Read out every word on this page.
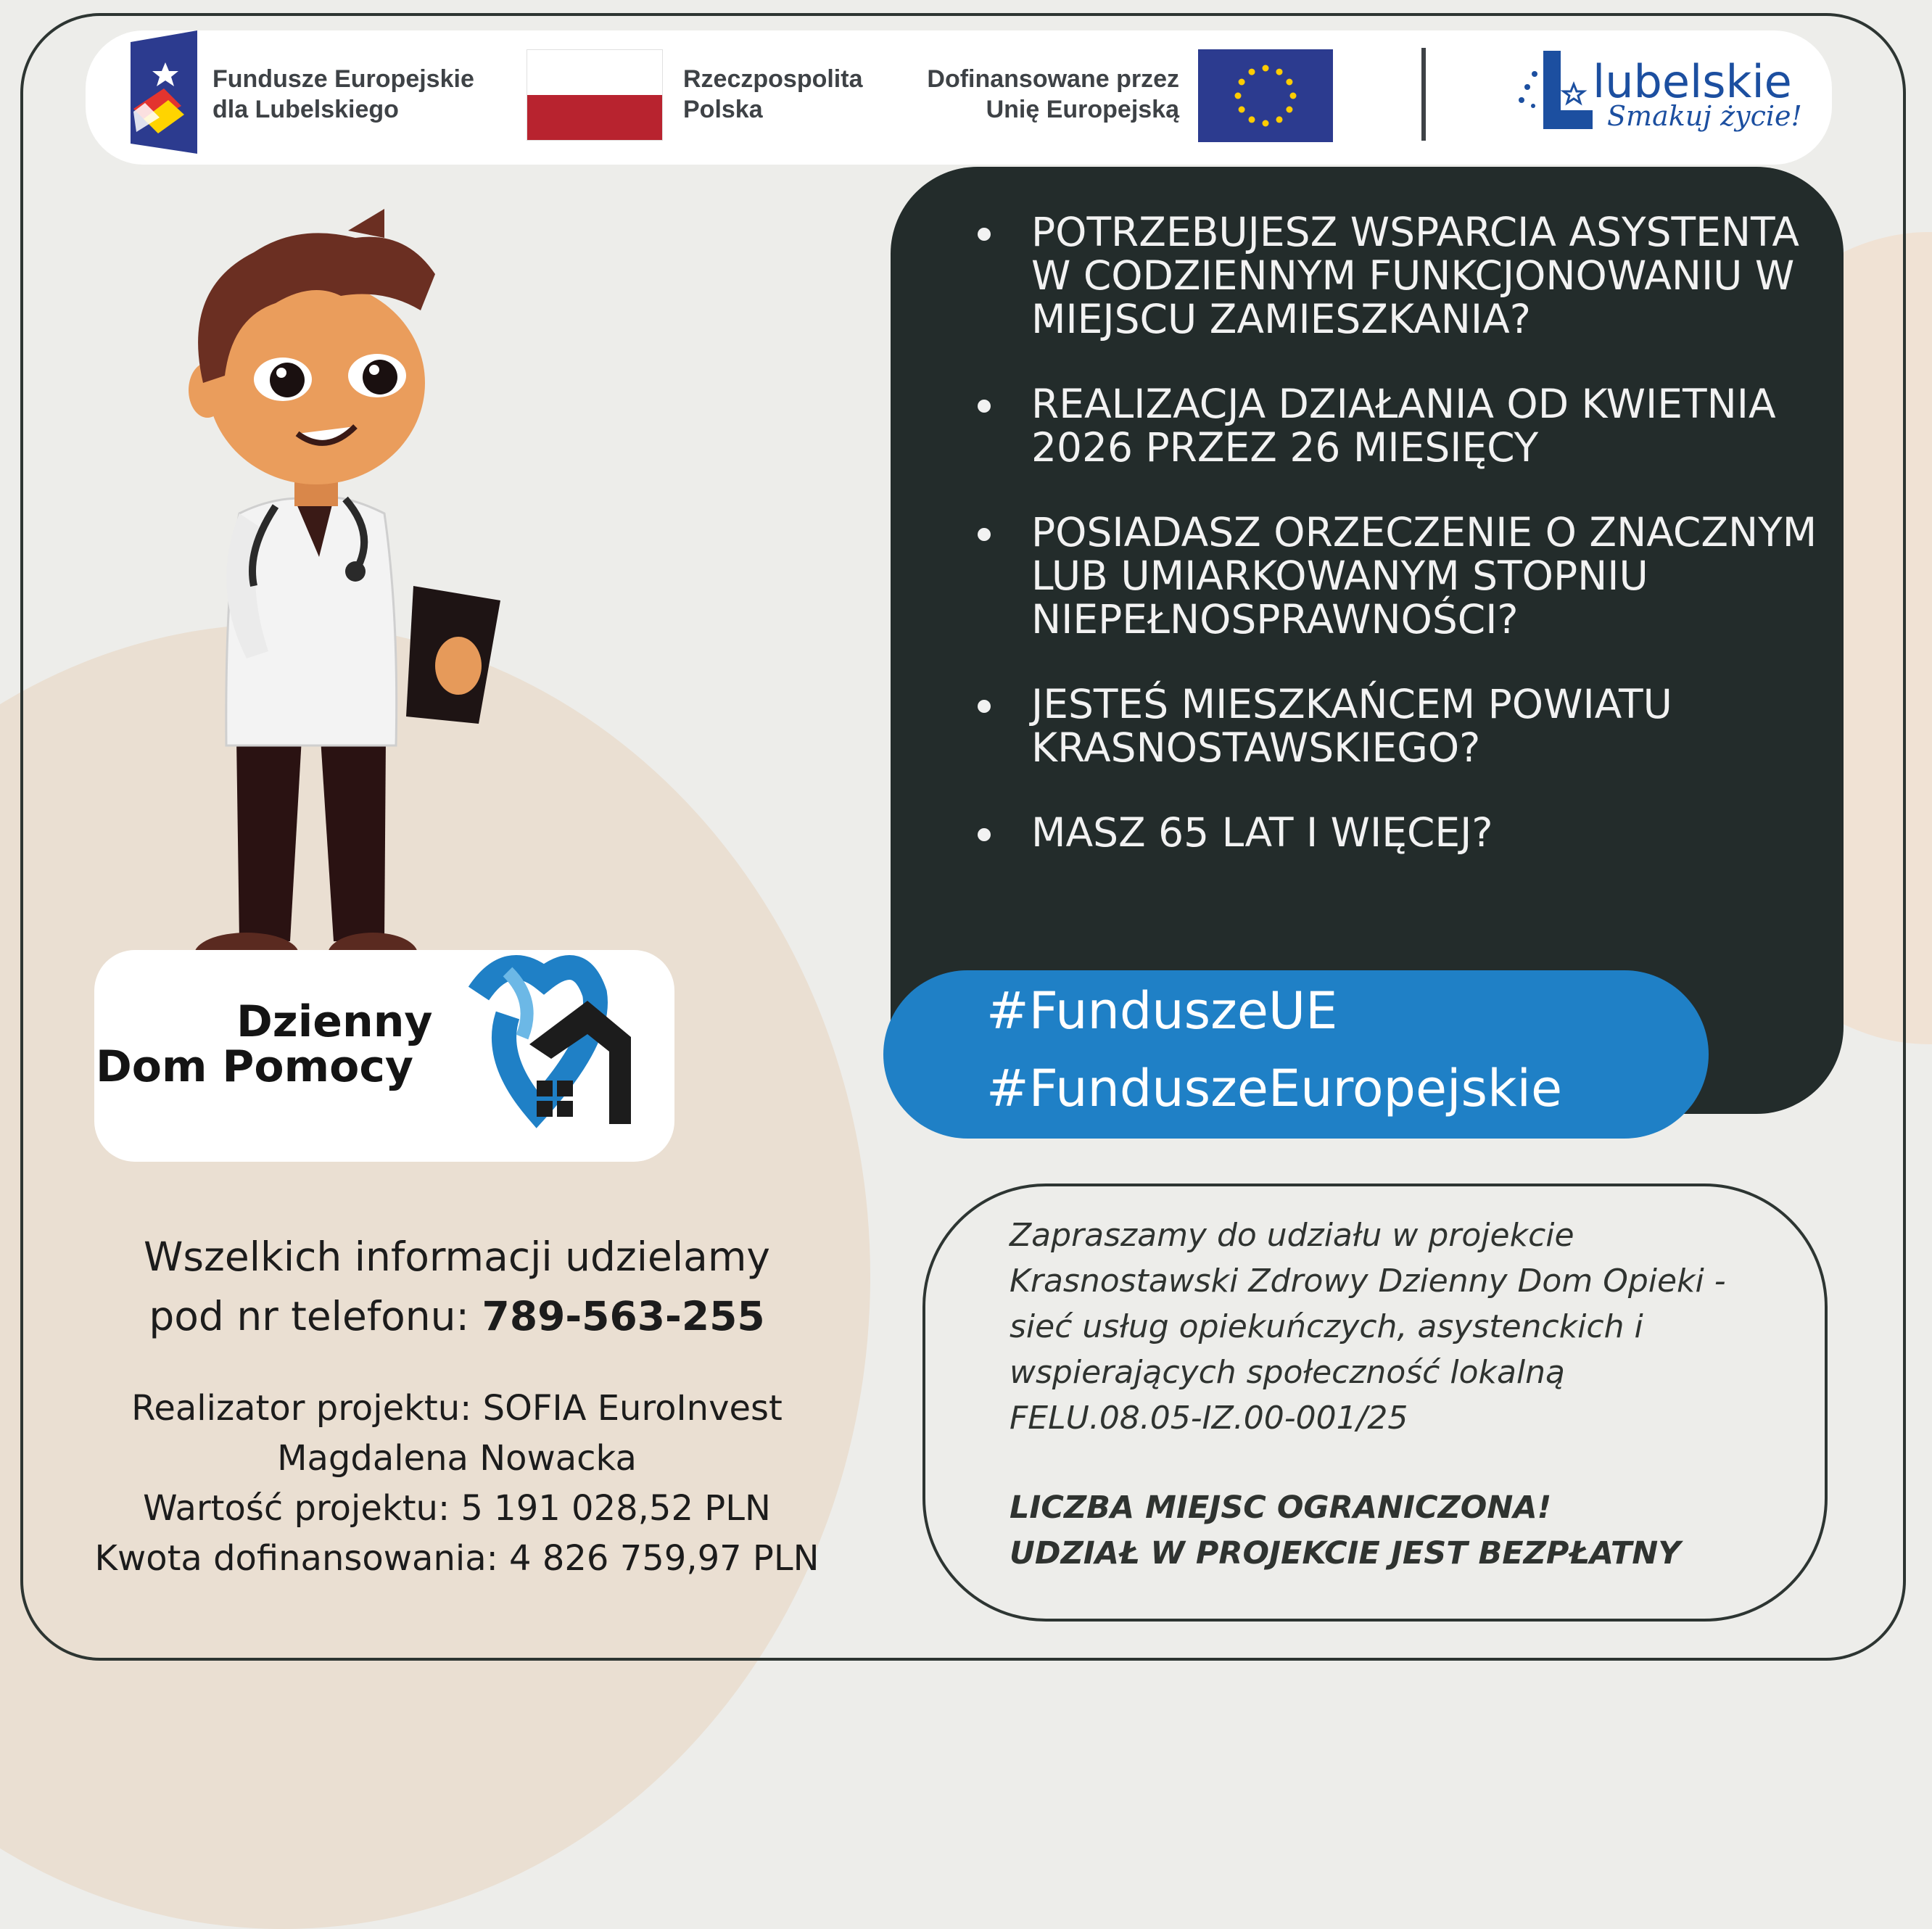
Fundusze Europejskie
dla Lubelskiego
Rzeczpospolita
Polska
Dofinansowane przez
Unię Europejską
lubelskie
Smakuj życie!
Dzienny
Dom Pomocy

Wszelkich informacji udzielamy
pod nr telefonu: 789-563-255

Realizator projektu: SOFIA EuroInvest
Magdalena Nowacka
Wartość projektu: 5 191 028,52 PLN
Kwota dofinansowania: 4 826 759,97 PLN

POTRZEBUJESZ WSPARCIA ASYSTENTA W CODZIENNYM FUNKCJONOWANIU W MIEJSCU ZAMIESZKANIA?
REALIZACJA DZIAŁANIA OD KWIETNIA 2026 PRZEZ 26 MIESIĘCY
POSIADASZ ORZECZENIE O ZNACZNYM LUB UMIARKOWANYM STOPNIU NIEPEŁNOSPRAWNOŚCI?
JESTEŚ MIESZKAŃCEM POWIATU KRASNOSTAWSKIEGO?
MASZ 65 LAT I WIĘCEJ?
#FunduszeUE
#FunduszeEuropejskie

Zapraszamy do udziału w projekcie
Krasnostawski Zdrowy Dzienny Dom Opieki -
sieć usług opiekuńczych, asystenckich i
wspierających społeczność lokalną
FELU.08.05-IZ.00-001/25

LICZBA MIEJSC OGRANICZONA!
UDZIAŁ W PROJEKCIE JEST BEZPŁATNY
